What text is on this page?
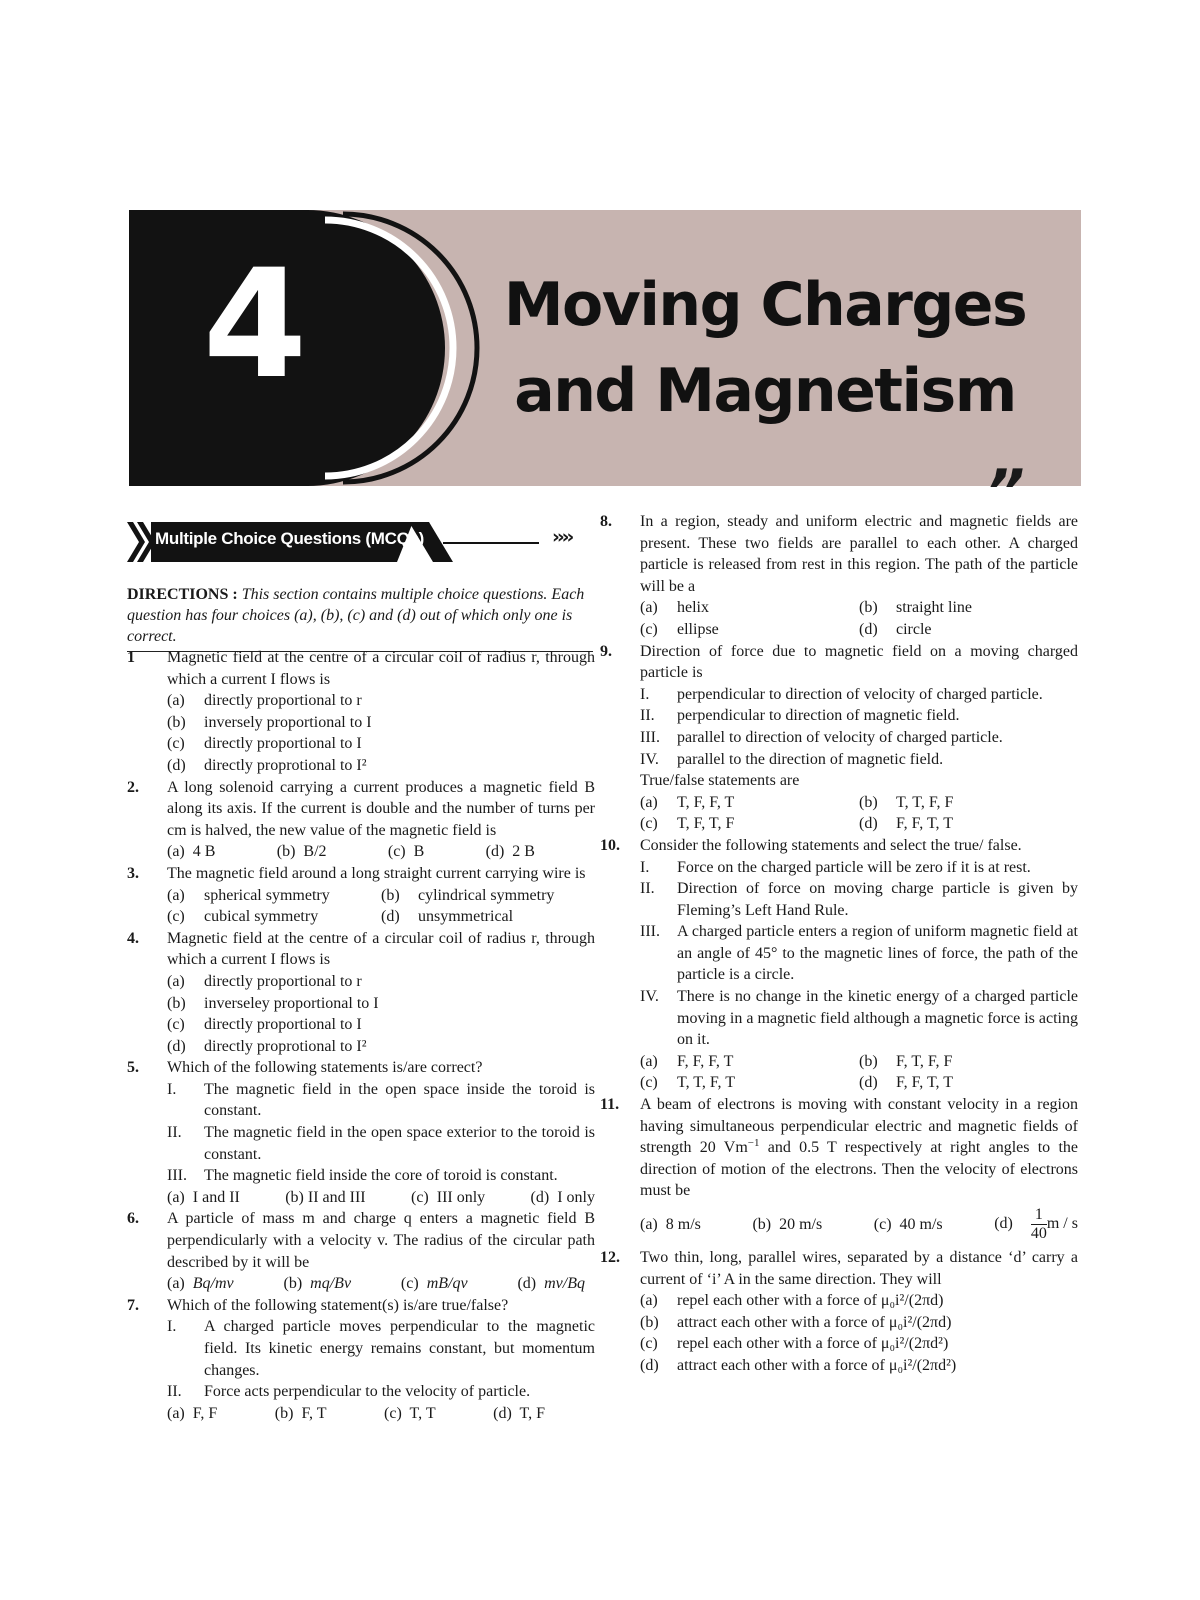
4	Moving Charges
and Magnetism
”
Multiple Choice Questions (MCQs)	››››
DIRECTIONS : This section contains multiple choice questions. Each question has four choices (a), (b), (c) and (d) out of which only one is correct.
1 Magnetic field at the centre of a circular coil of radius r, through which a current I flows is
(a) directly proportional to r
(b) inversely proportional to I
(c) directly proportional to I
(d) directly proprotional to I²
2. A long solenoid carrying a current produces a magnetic field B along its axis. If the current is double and the number of turns per cm is halved, the new value of the magnetic field is
(a) 4 B	(b) B/2	(c) B	(d) 2 B
3. The magnetic field around a long straight current carrying wire is
(a) spherical symmetry	(b) cylindrical symmetry
(c) cubical symmetry	(d) unsymmetrical
4. Magnetic field at the centre of a circular coil of radius r, through which a current I flows is
(a) directly proportional to r
(b) inverseley proportional to I
(c) directly proportional to I
(d) directly proprotional to I²
5. Which of the following statements is/are correct?
I. The magnetic field in the open space inside the toroid is constant.
II. The magnetic field in the open space exterior to the toroid is constant.
III. The magnetic field inside the core of toroid is constant.
(a) I and II	(b) II and III	(c) III only	(d) I only
6. A particle of mass m and charge q enters a magnetic field B perpendicularly with a velocity v. The radius of the circular path described by it will be
(a) Bq/mv	(b) mq/Bv	(c) mB/qv	(d) mv/Bq
7. Which of the following statement(s) is/are true/false?
I. A charged particle moves perpendicular to the magnetic field. Its kinetic energy remains constant, but momentum changes.
II. Force acts perpendicular to the velocity of particle.
(a) F, F	(b) F, T	(c) T, T	(d) T, F
8. In a region, steady and uniform electric and magnetic fields are present. These two fields are parallel to each other. A charged particle is released from rest in this region. The path of the particle will be a
(a) helix	(b) straight line
(c) ellipse	(d) circle
9. Direction of force due to magnetic field on a moving charged particle is
I. perpendicular to direction of velocity of charged particle.
II. perpendicular to direction of magnetic field.
III. parallel to direction of velocity of charged particle.
IV. parallel to the direction of magnetic field.
True/false statements are
(a) T, F, F, T	(b) T, T, F, F
(c) T, F, T, F	(d) F, F, T, T
10. Consider the following statements and select the true/ false.
I. Force on the charged particle will be zero if it is at rest.
II. Direction of force on moving charge particle is given by Fleming’s Left Hand Rule.
III. A charged particle enters a region of uniform magnetic field at an angle of 45° to the magnetic lines of force, the path of the particle is a circle.
IV. There is no change in the kinetic energy of a charged particle moving in a magnetic field although a magnetic force is acting on it.
(a) F, F, F, T	(b) F, T, F, F
(c) T, T, F, T	(d) F, F, T, T
11. A beam of electrons is moving with constant velocity in a region having simultaneous perpendicular electric and magnetic fields of strength 20 $Vm^{-1}$ and 0.5 T respectively at right angles to the direction of motion of the electrons. Then the velocity of electrons must be
(a) 8 m/s	(b) 20 m/s	(c) 40 m/s	$(d) \frac{1}{40}$ m / s
12. Two thin, long, parallel wires, separated by a distance ‘d’ carry a current of ‘i’ A in the same direction. They will
(a) repel each other with a force of μ₀i²/(2πd)
(b) attract each other with a force of μ₀i²/(2πd)
(c) repel each other with a force of μ₀i²/(2πd²)
(d) attract each other with a force of μ₀i²/(2πd²)
